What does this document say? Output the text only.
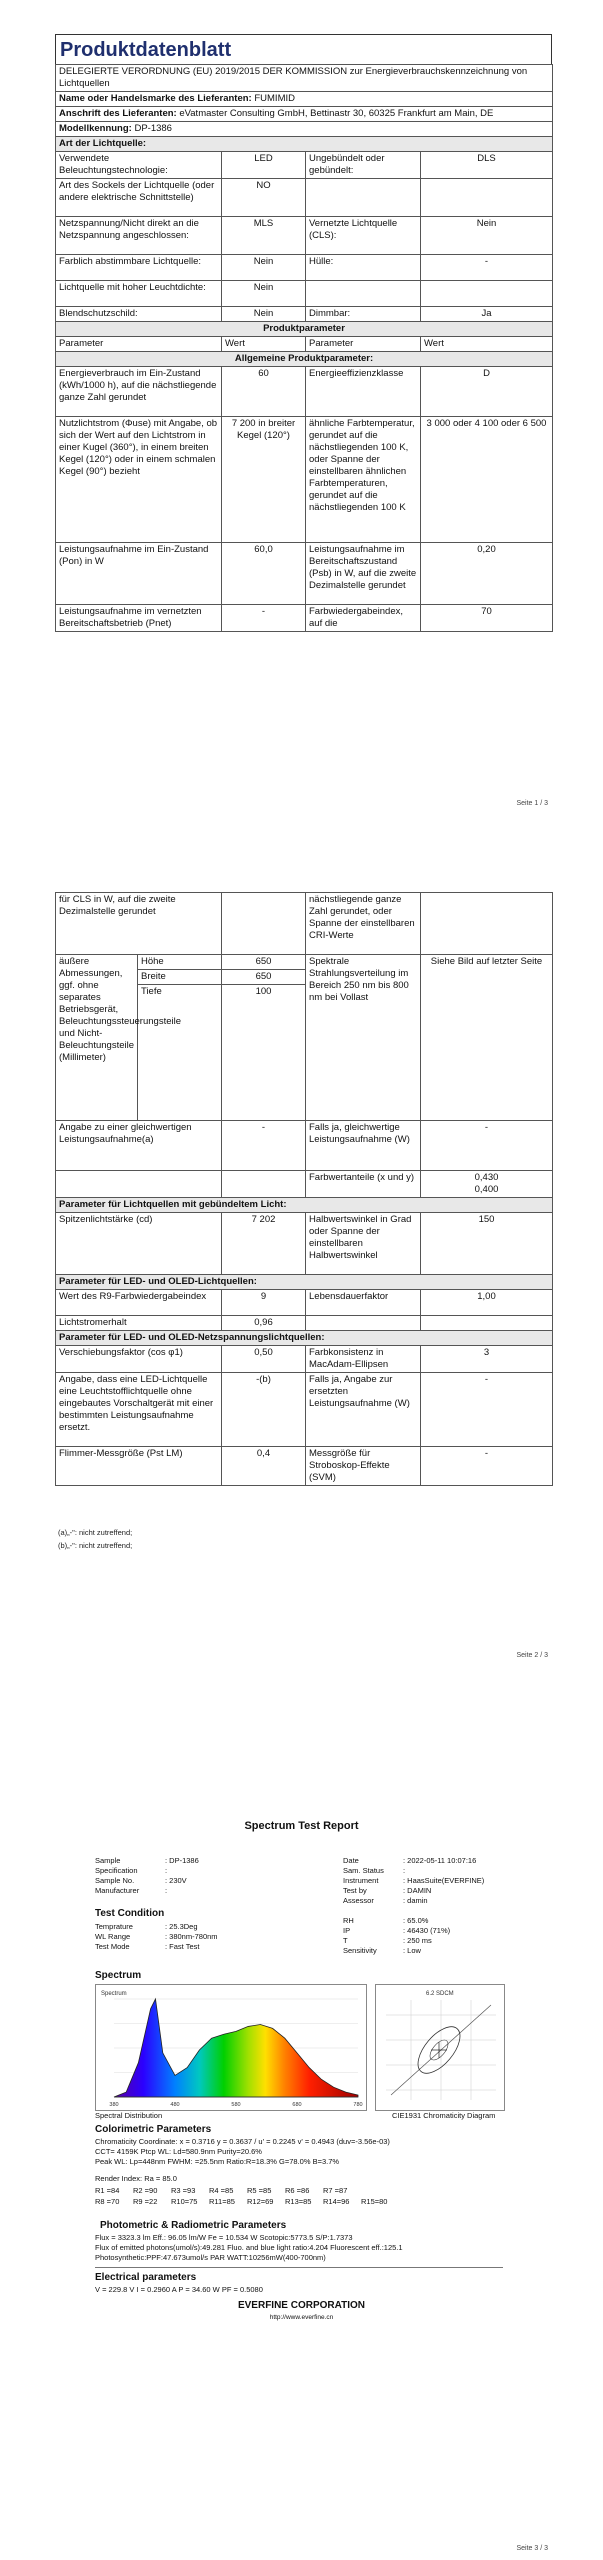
Produktdatenblatt
DELEGIERTE VERORDNUNG (EU) 2019/2015 DER KOMMISSION zur Energieverbrauchskennzeichnung von Lichtquellen			
Name oder Handelsmarke des Lieferanten: FUMIMID			
Anschrift des Lieferanten: eVatmaster Consulting GmbH, Bettinastr 30, 60325 Frankfurt am Main, DE			
Modellkennung: DP-1386			
Art der Lichtquelle:			
Verwendete Beleuchtungstechnologie:	LED	Ungebündelt oder gebündelt:	DLS
Art des Sockels der Lichtquelle (oder andere elektrische Schnittstelle)	NO		
Netzspannung/Nicht direkt an die Netzspannung angeschlossen:	MLS	Vernetzte Lichtquelle (CLS):	Nein
Farblich abstimmbare Lichtquelle:	Nein	Hülle:	-
Lichtquelle mit hoher Leuchtdichte:	Nein		
Blendschutzschild:	Nein	Dimmbar:	Ja
Produktparameter			
Parameter	Wert	Parameter	Wert
Allgemeine Produktparameter:			
Energieverbrauch im Ein-Zustand (kWh/1000 h), auf die nächstliegende ganze Zahl gerundet	60	Energieeffizienzklasse	D
Nutzlichtstrom (Φuse) mit Angabe, ob sich der Wert auf den Lichtstrom in einer Kugel (360°), in einem breiten Kegel (120°) oder in einem schmalen Kegel (90°) bezieht	7 200 in breiter Kegel (120°)	ähnliche Farbtemperatur, gerundet auf die nächstliegenden 100 K, oder Spanne der einstellbaren ähnlichen Farbtemperaturen, gerundet auf die nächstliegenden 100 K	3 000 oder 4 100 oder 6 500
Leistungsaufnahme im Ein-Zustand (Pon) in W	60,0	Leistungsaufnahme im Bereitschaftszustand (Psb) in W, auf die zweite Dezimalstelle gerundet	0,20
Leistungsaufnahme im vernetzten Bereitschaftsbetrieb (Pnet)	-	Farbwiedergabeindex, auf die	70
Seite 1 / 3
für CLS in W, auf die zweite Dezimalstelle gerundet			nächstliegende ganze Zahl gerundet, oder Spanne der einstellbaren CRI-Werte	
äußere Abmessungen, ggf. ohne separates Betriebsgerät, Beleuchtungssteuerungsteile und Nicht-Beleuchtungsteile (Millimeter)	Höhe	650	Spektrale Strahlungsverteilung im Bereich 250 nm bis 800 nm bei Vollast	Siehe Bild auf letzter Seite
	Breite	650		
	Tiefe	100		
Angabe zu einer gleichwertigen Leistungsaufnahme(a)		-	Falls ja, gleichwertige Leistungsaufnahme (W)	-
			Farbwertanteile (x und y)	0,430
0,400

Parameter für Lichtquellen mit gebündeltem Licht:				
Spitzenlichtstärke (cd)		7 202	Halbwertswinkel in Grad oder Spanne der einstellbaren Halbwertswinkel	150
Parameter für LED- und OLED-Lichtquellen:				
Wert des R9-Farbwiedergabeindex		9	Lebensdauerfaktor	1,00
Lichtstromerhalt		0,96		
Parameter für LED- und OLED-Netzspannungslichtquellen:				
Verschiebungsfaktor (cos φ1)		0,50	Farbkonsistenz in MacAdam-Ellipsen	3
Angabe, dass eine LED-Lichtquelle eine Leuchtstofflichtquelle ohne eingebautes Vorschaltgerät mit einer bestimmten Leistungsaufnahme ersetzt.		-(b)	Falls ja, Angabe zur ersetzten Leistungsaufnahme (W)	-
Flimmer-Messgröße (Pst LM)		0,4	Messgröße für Stroboskop-Effekte (SVM)	-
(a)„-": nicht zutreffend;
(b)„-": nicht zutreffend;
Seite 2 / 3
Spectrum Test Report
Sample	: DP-1386
Specification	:
Sample No.	: 230V
Manufacturer	:
Date	: 2022-05-11 10:07:16
Sam. Status	:
Instrument	: HaasSuite(EVERFINE)
Test by	: DAMIN
Assessor	: damin
Test Condition
Temprature	: 25.3Deg
WL Range	: 380nm-780nm
Test Mode	: Fast Test
RH	: 65.0%
IP	: 46430 (71%)
T	: 250 ms
Sensitivity	: Low
Spectrum
Spectrum
380	480	580	680	780
6.2 SDCM
Spectral Distribution	CIE1931 Chromaticity Diagram
Colorimetric Parameters
Chromaticity Coordinate: x = 0.3716 y = 0.3637 / u' = 0.2245 v' = 0.4943 (duv=-3.56e-03)
CCT= 4159K Ptcp WL: Ld=580.9nm Purity=20.6%
Peak WL: Lp=448nm FWHM: =25.5nm Ratio:R=18.3% G=78.0% B=3.7%
Render Index: Ra = 85.0
R1 =84 R2 =90 R3 =93 R4 =85 R5 =85 R6 =86 R7 =87
R8 =70 R9 =22 R10=75 R11=85 R12=69 R13=85 R14=96 R15=80
Photometric & Radiometric Parameters
Flux = 3323.3 lm Eff.: 96.05 lm/W Fe = 10.534 W Scotopic:5773.5 S/P:1.7373
Flux of emitted photons(umol/s):49.281 Fluo. and blue light ratio:4.204 Fluorescent eff.:125.1
Photosynthetic:PPF:47.673umol/s PAR WATT:10256mW(400-700nm)
Electrical parameters
V = 229.8 V I = 0.2960 A P = 34.60 W PF = 0.5080
EVERFINE CORPORATION
http://www.everfine.cn
Seite 3 / 3
